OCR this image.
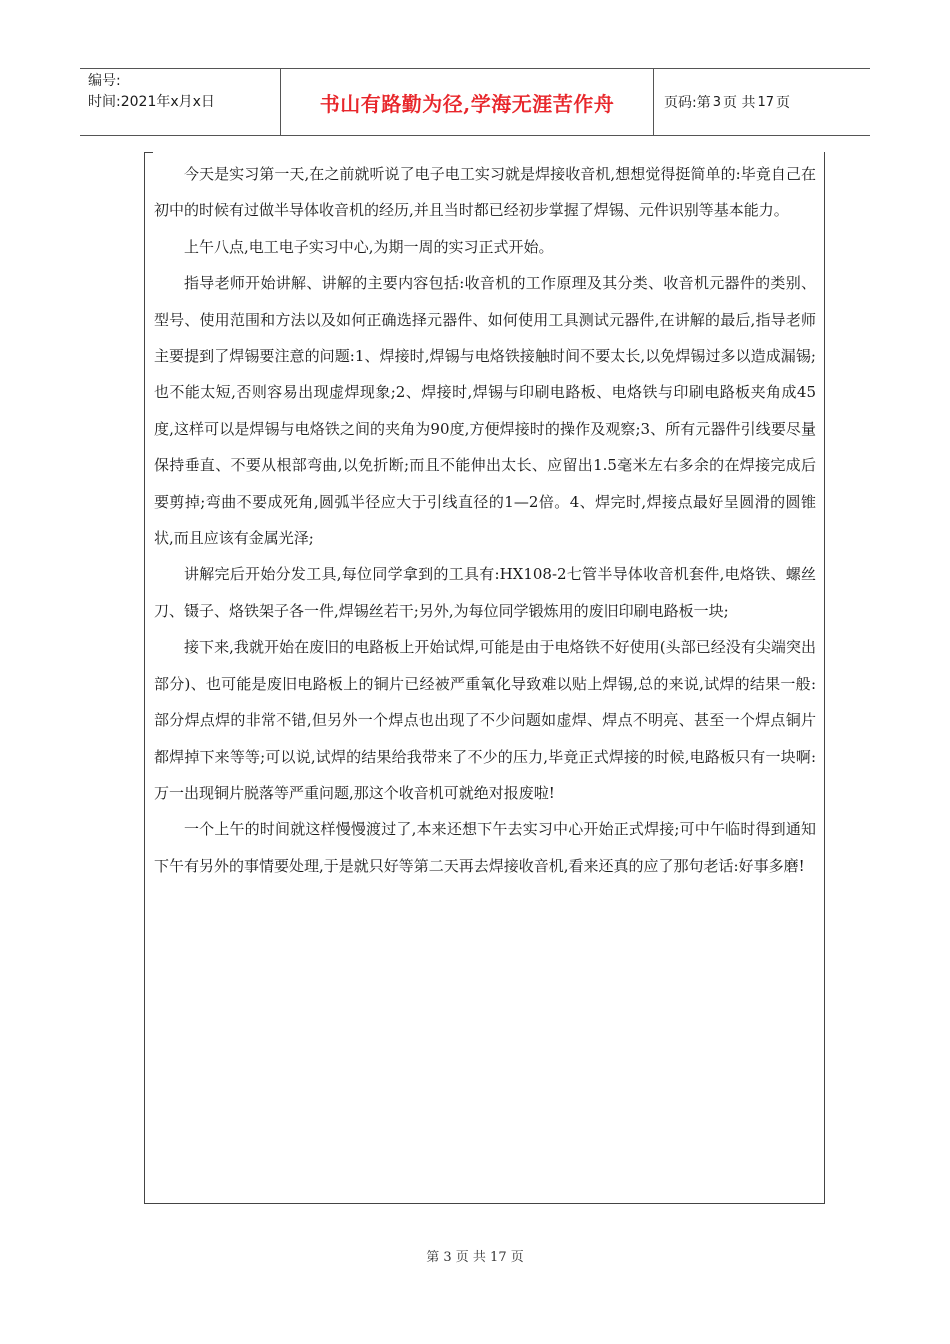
编号:
时间:2021年x月x日	书山有路勤为径,学海无涯苦作舟	页码:第 3 页 共 17 页

今天是实习第一天,在之前就听说了电子电工实习就是焊接收音机,想想觉得挺简单的:毕竟自己在初中的时候有过做半导体收音机的经历,并且当时都已经初步掌握了焊锡、元件识别等基本能力。

上午八点,电工电子实习中心,为期一周的实习正式开始。

指导老师开始讲解、讲解的主要内容包括:收音机的工作原理及其分类、收音机元器件的类别、型号、使用范围和方法以及如何正确选择元器件、如何使用工具测试元器件,在讲解的最后,指导老师主要提到了焊锡要注意的问题:1、焊接时,焊锡与电烙铁接触时间不要太长,以免焊锡过多以造成漏锡;也不能太短,否则容易出现虚焊现象;2、焊接时,焊锡与印刷电路板、电烙铁与印刷电路板夹角成45度,这样可以是焊锡与电烙铁之间的夹角为90度,方便焊接时的操作及观察;3、所有元器件引线要尽量保持垂直、不要从根部弯曲,以免折断;而且不能伸出太长、应留出1.5毫米左右多余的在焊接完成后要剪掉;弯曲不要成死角,圆弧半径应大于引线直径的1—2倍。4、焊完时,焊接点最好呈圆滑的圆锥状,而且应该有金属光泽;

讲解完后开始分发工具,每位同学拿到的工具有:HX108-2七管半导体收音机套件,电烙铁、螺丝刀、镊子、烙铁架子各一件,焊锡丝若干;另外,为每位同学锻炼用的废旧印刷电路板一块;

接下来,我就开始在废旧的电路板上开始试焊,可能是由于电烙铁不好使用(头部已经没有尖端突出部分)、也可能是废旧电路板上的铜片已经被严重氧化导致难以贴上焊锡,总的来说,试焊的结果一般:部分焊点焊的非常不错,但另外一个焊点也出现了不少问题如虚焊、焊点不明亮、甚至一个焊点铜片都焊掉下来等等;可以说,试焊的结果给我带来了不少的压力,毕竟正式焊接的时候,电路板只有一块啊:万一出现铜片脱落等严重问题,那这个收音机可就绝对报废啦!

一个上午的时间就这样慢慢渡过了,本来还想下午去实习中心开始正式焊接;可中午临时得到通知下午有另外的事情要处理,于是就只好等第二天再去焊接收音机,看来还真的应了那句老话:好事多磨!

第 3 页 共 17 页
